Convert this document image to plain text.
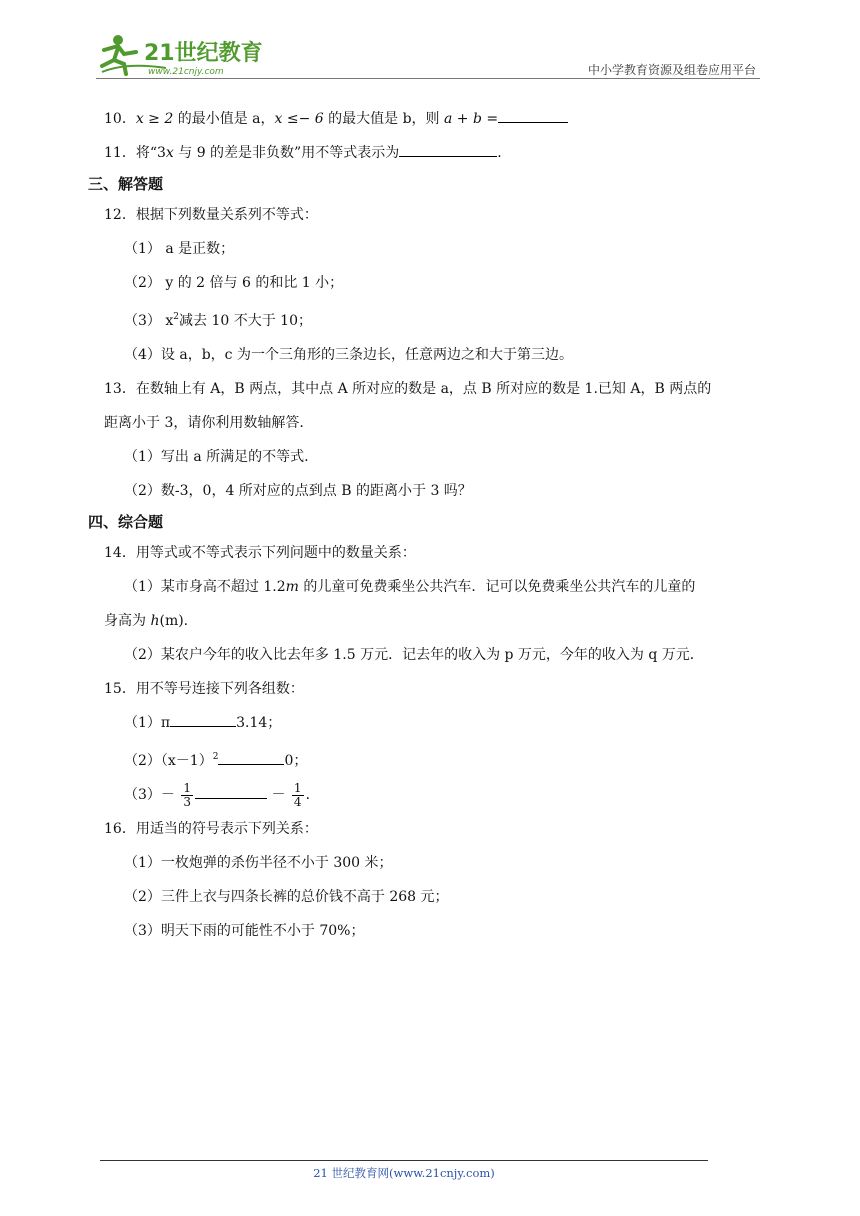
21世纪教育
www.21cnjy.com	中小学教育资源及组卷应用平台
10．x ≥ 2 的最小值是 a，x ≤− 6 的最大值是 b，则 a + b =
11．将“3x 与 9 的差是非负数”用不等式表示为	.
三、解答题
12．根据下列数量关系列不等式：
（1） a 是正数；
（2） y 的 2 倍与 6 的和比 1 小；
（3） $x^2$减去 10 不大于 10；
（4）设 a，b，c 为一个三角形的三条边长，任意两边之和大于第三边。
13．在数轴上有 A，B 两点，其中点 A 所对应的数是 a，点 B 所对应的数是 1.已知 A，B 两点的
距离小于 3，请你利用数轴解答.
（1）写出 a 所满足的不等式.
（2）数-3，0，4 所对应的点到点 B 的距离小于 3 吗？
四、综合题
14．用等式或不等式表示下列问题中的数量关系：
（1）某市身高不超过 1.2m 的儿童可免费乘坐公共汽车．记可以免费乘坐公共汽车的儿童的
身高为 h(m).
（2）某农户今年的收入比去年多 1.5 万元．记去年的收入为 p 万元，今年的收入为 q 万元．
15．用不等号连接下列各组数：
（1）π	3.14；
$(2)(x-1)^2$	0；
$(3)- \frac{1}{3}$	－ $\frac{1}{4}$ ．
16．用适当的符号表示下列关系：
（1）一枚炮弹的杀伤半径不小于 300 米；
（2）三件上衣与四条长裤的总价钱不高于 268 元；
（3）明天下雨的可能性不小于 70%；
21 世纪教育网(www.21cnjy.com)
